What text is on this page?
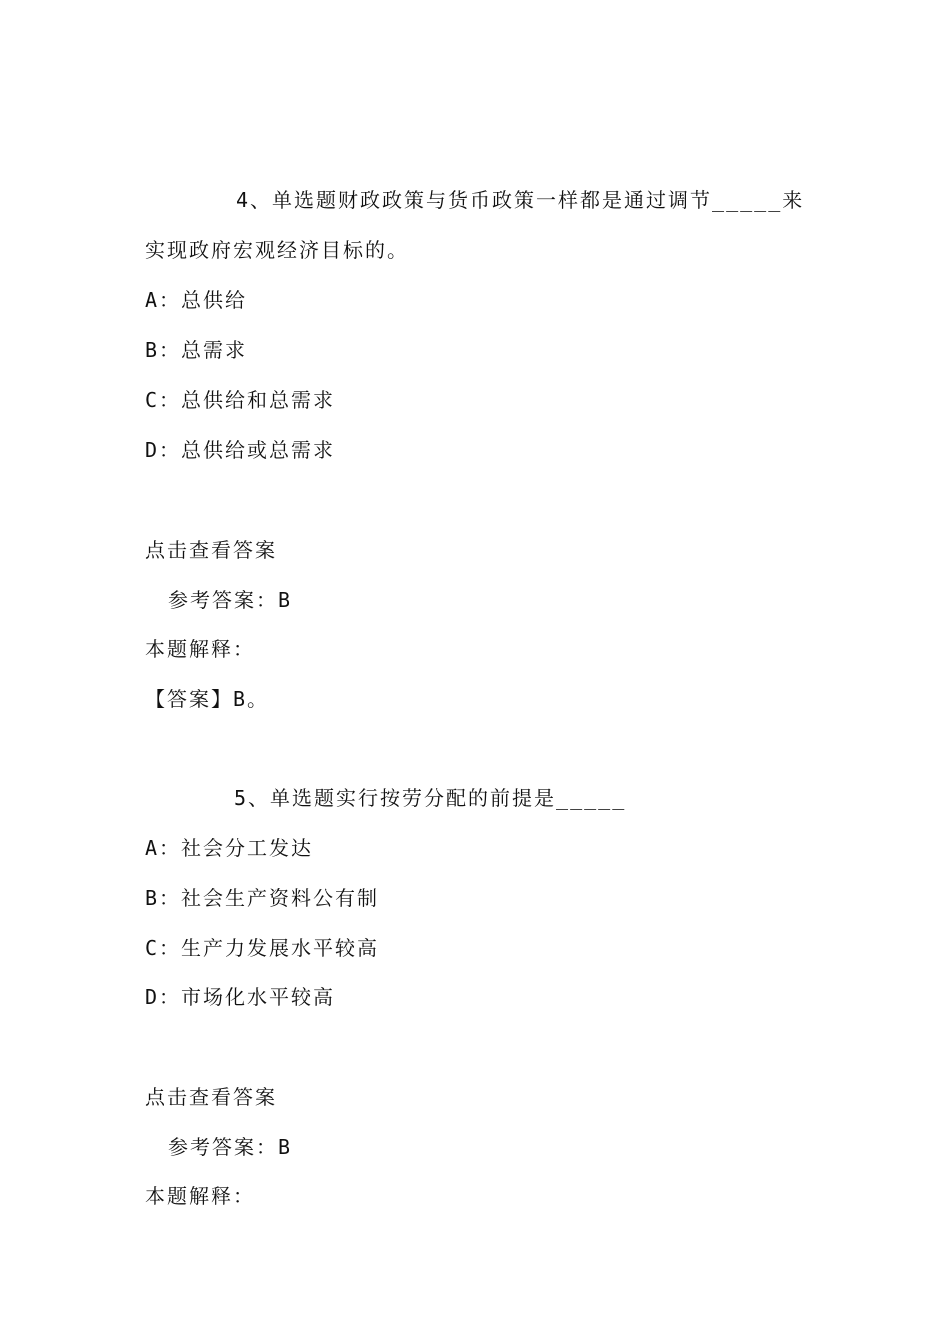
4、单选题财政政策与货币政策一样都是通过调节_____来
实现政府宏观经济目标的。
A：总供给
B：总需求
C：总供给和总需求
D：总供给或总需求
点击查看答案
参考答案：B
本题解释：
【答案】B。
5、单选题实行按劳分配的前提是_____
A：社会分工发达
B：社会生产资料公有制
C：生产力发展水平较高
D：市场化水平较高
点击查看答案
参考答案：B
本题解释：
